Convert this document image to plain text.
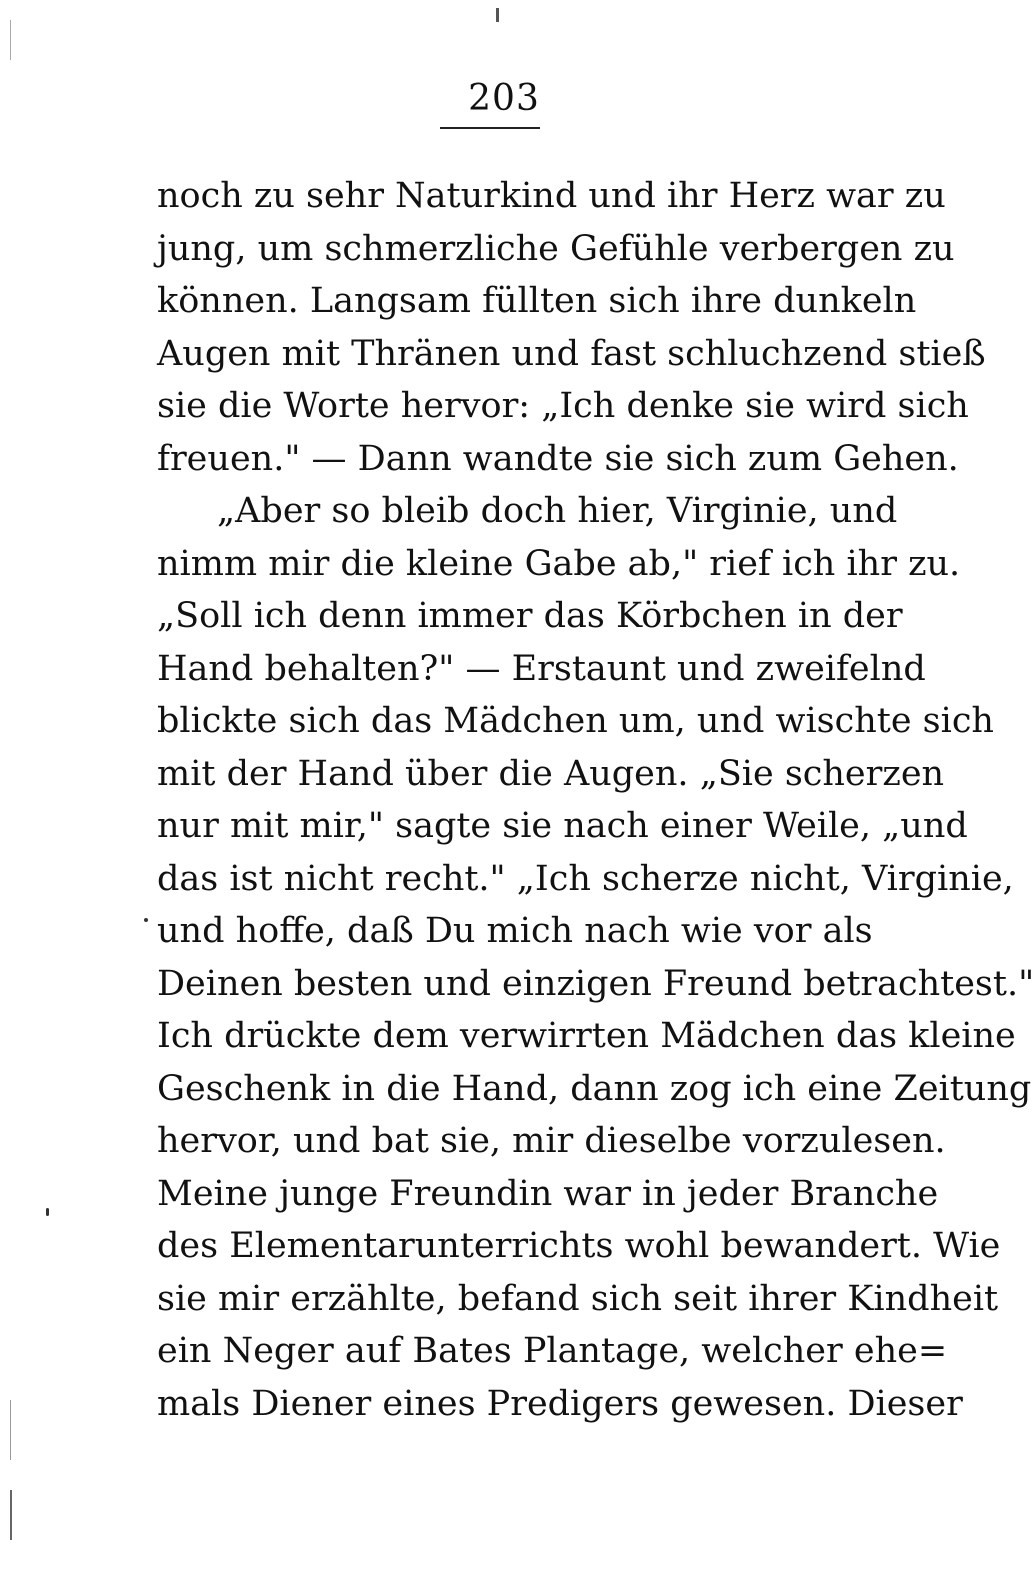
203
noch zu sehr Naturkind und ihr Herz war zu
jung, um schmerzliche Gefühle verbergen zu
können. Langsam füllten sich ihre dunkeln
Augen mit Thränen und fast schluchzend stieß
sie die Worte hervor: „Ich denke sie wird sich
freuen." — Dann wandte sie sich zum Gehen.
„Aber so bleib doch hier, Virginie, und
nimm mir die kleine Gabe ab," rief ich ihr zu.
„Soll ich denn immer das Körbchen in der
Hand behalten?" — Erstaunt und zweifelnd
blickte sich das Mädchen um, und wischte sich
mit der Hand über die Augen. „Sie scherzen
nur mit mir," sagte sie nach einer Weile, „und
das ist nicht recht." „Ich scherze nicht, Virginie,
und hoffe, daß Du mich nach wie vor als
Deinen besten und einzigen Freund betrachtest."
Ich drückte dem verwirrten Mädchen das kleine
Geschenk in die Hand, dann zog ich eine Zeitung
hervor, und bat sie, mir dieselbe vorzulesen.
Meine junge Freundin war in jeder Branche
des Elementarunterrichts wohl bewandert. Wie
sie mir erzählte, befand sich seit ihrer Kindheit
ein Neger auf Bates Plantage, welcher ehe=
mals Diener eines Predigers gewesen. Dieser
